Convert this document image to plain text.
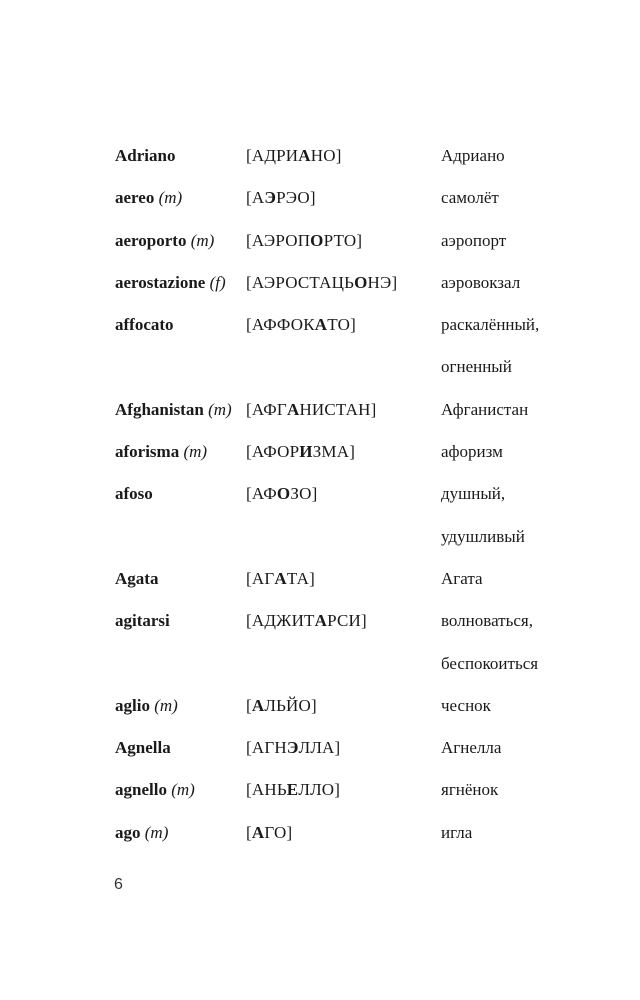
Adriano	[АДРИАНО]	Адриано
aereo (m)	[АЭРЭО]	самолёт
aeroporto (m) [АЭРОПОРТО]	аэропорт
aerostazione (f) [АЭРОСТАЦЬОНЭ]	аэровокзал
affocato	[АФФОКАТО]	раскалённый,
огненный
Afghanistan (m) [АФГАНИСТАН]	Афганистан
aforisma (m) [АФОРИЗМА]	афоризм
afoso	[АФОЗО]	душный,
удушливый
Agata	[АГАТА]	Агата
agitarsi	[АДЖИТАРСИ]	волноваться,
беспокоиться
aglio (m)	[АЛЬЙО]	чеснок
Agnella	[АГНЭЛЛА]	Агнелла
agnello (m)	[АНЬЕЛЛО]	ягнёнок
ago (m)	[АГО]	игла
6
